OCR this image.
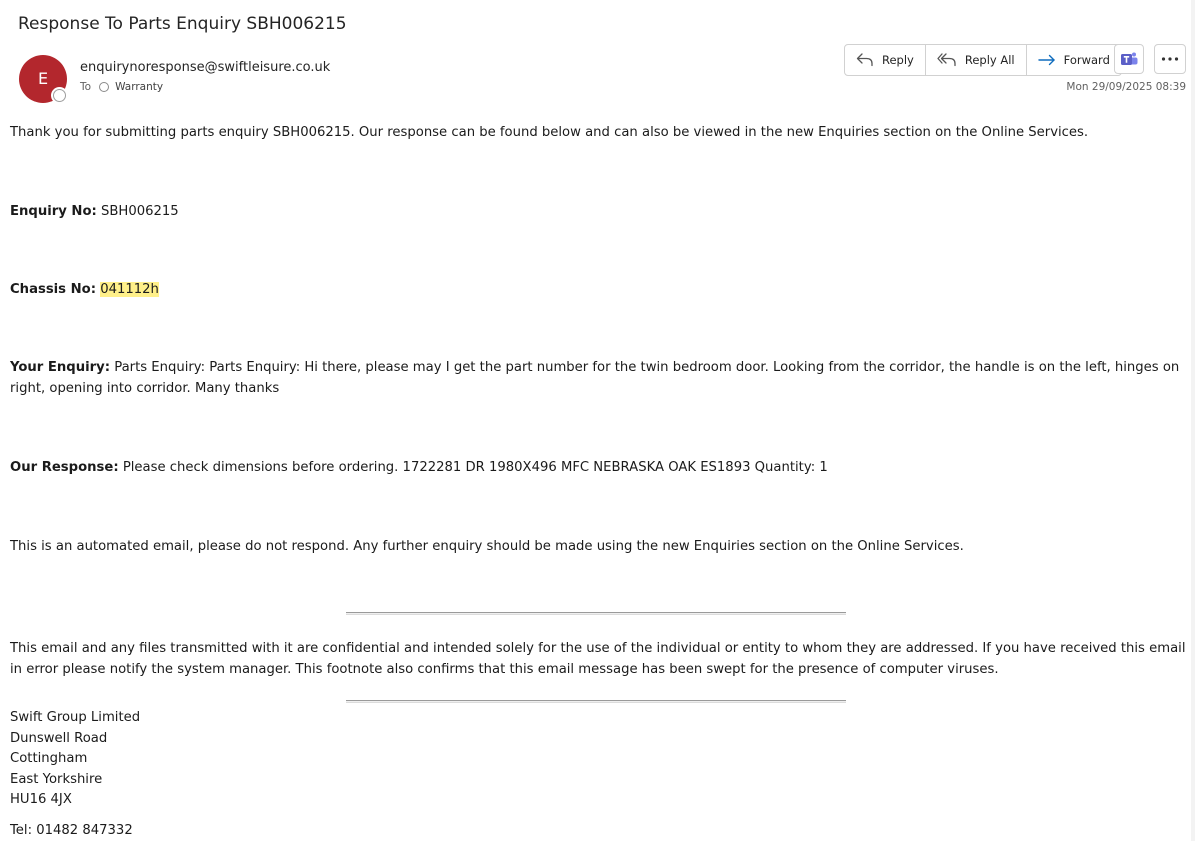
Response To Parts Enquiry SBH006215
E
enquirynoresponse@swiftleisure.co.uk
To Warranty
Reply	Reply All	Forward
Mon 29/09/2025 08:39
Thank you for submitting parts enquiry SBH006215. Our response can be found below and can also be viewed in the new Enquiries section on the Online Services.
Enquiry No: SBH006215
Chassis No: 041112h
Your Enquiry: Parts Enquiry: Parts Enquiry: Hi there, please may I get the part number for the twin bedroom door. Looking from the corridor, the handle is on the left, hinges on right, opening into corridor. Many thanks
Our Response: Please check dimensions before ordering. 1722281 DR 1980X496 MFC NEBRASKA OAK ES1893 Quantity: 1
This is an automated email, please do not respond. Any further enquiry should be made using the new Enquiries section on the Online Services.
This email and any files transmitted with it are confidential and intended solely for the use of the individual or entity to whom they are addressed. If you have received this email in error please notify the system manager. This footnote also confirms that this email message has been swept for the presence of computer viruses.
Swift Group Limited
Dunswell Road
Cottingham
East Yorkshire
HU16 4JX
Tel: 01482 847332
